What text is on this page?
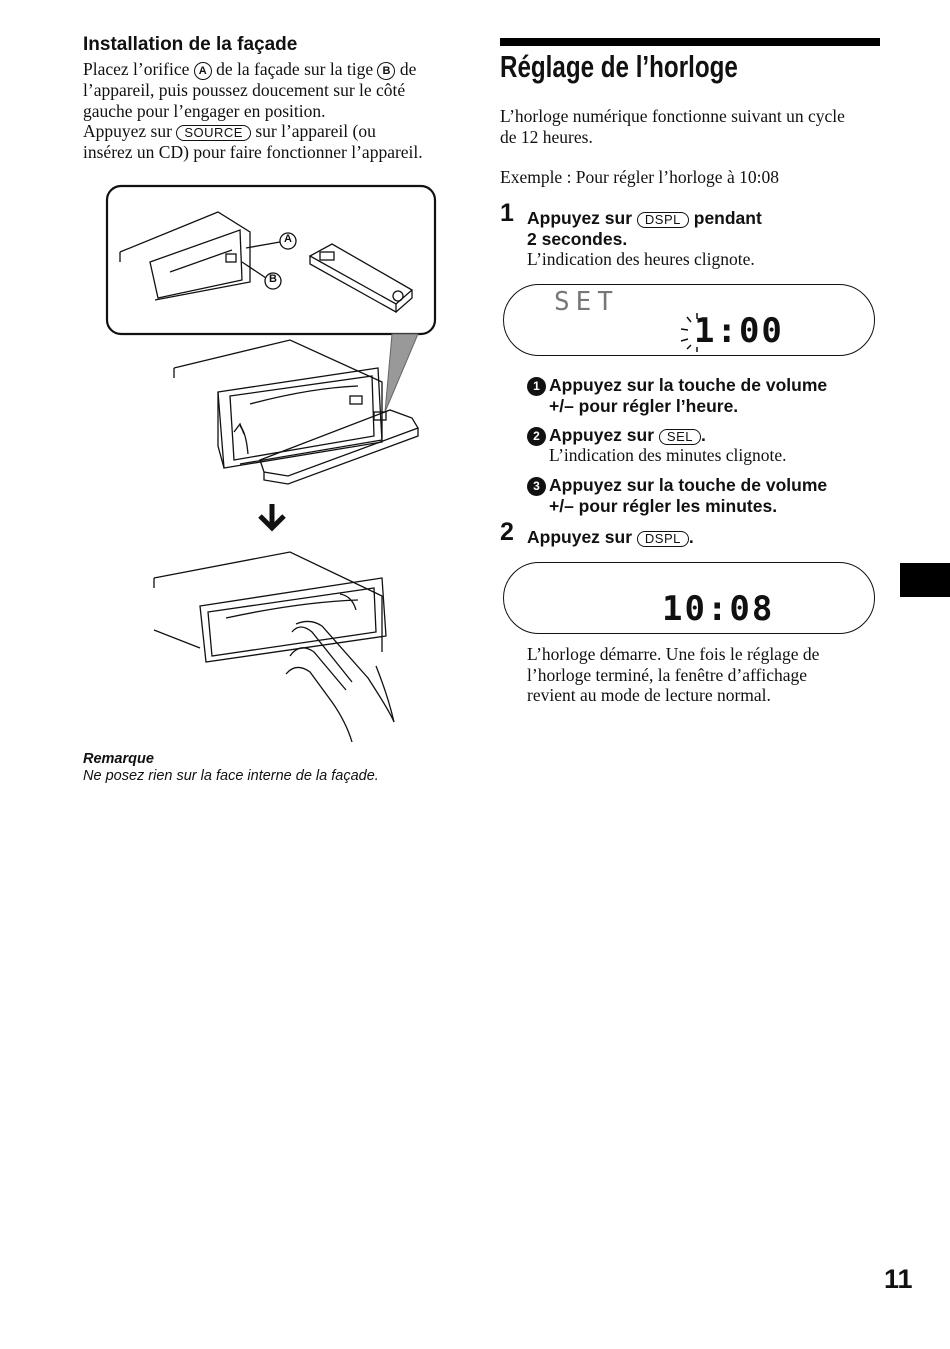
Installation de la façade
Placez l’orifice A de la façade sur la tige B de
l’appareil, puis poussez doucement sur le côté
gauche pour l’engager en position.
Appuyez sur SOURCE sur l’appareil (ou
insérez un CD) pour faire fonctionner l’appareil.
A
B
Remarque
Ne posez rien sur la face interne de la façade.
Réglage de l’horloge
L’horloge numérique fonctionne suivant un cycle
de 12 heures.
Exemple : Pour régler l’horloge à 10:08
1 Appuyez sur DSPL pendant
2 secondes.
L’indication des heures clignote.
SET
1:00
1 Appuyez sur la touche de volume
+/– pour régler l’heure.
2 Appuyez sur SEL .
L’indication des minutes clignote.
3 Appuyez sur la touche de volume
+/– pour régler les minutes.
2 Appuyez sur DSPL .
10:08
L’horloge démarre. Une fois le réglage de
l’horloge terminé, la fenêtre d’affichage
revient au mode de lecture normal.
11
